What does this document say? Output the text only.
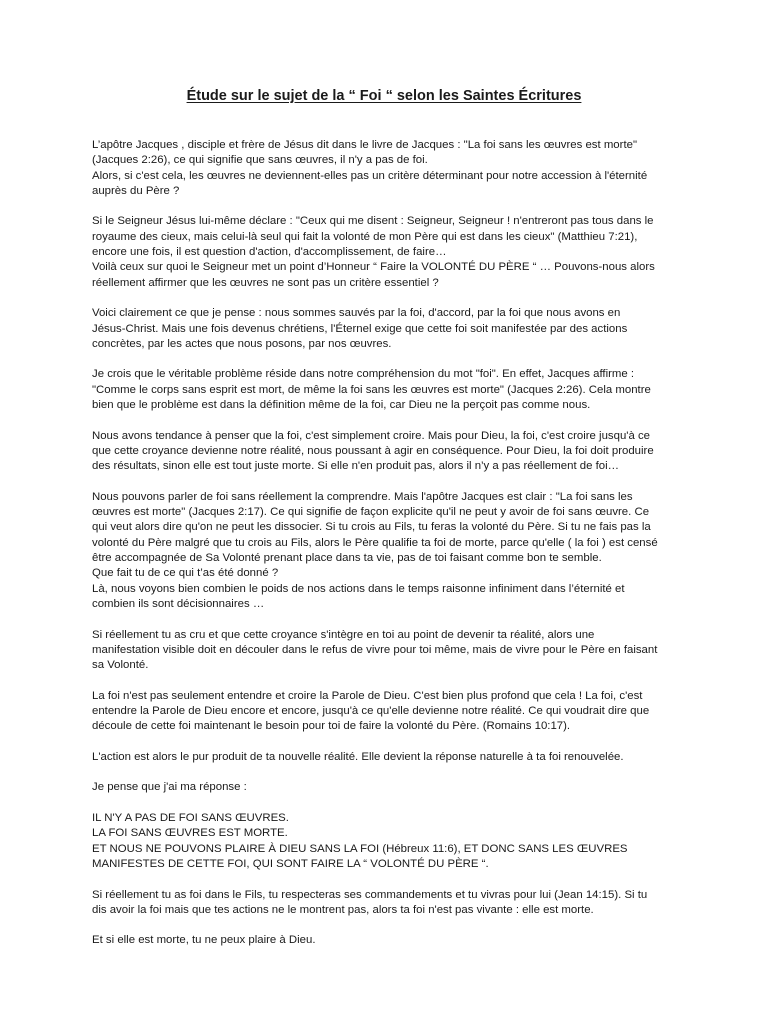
Étude sur le sujet de la “ Foi “ selon les Saintes Écritures

L’apôtre Jacques , disciple et frère de Jésus dit dans le livre de Jacques : "La foi sans les œuvres est morte"
(Jacques 2:26), ce qui signifie que sans œuvres, il n'y a pas de foi.
Alors, si c'est cela, les œuvres ne deviennent-elles pas un critère déterminant pour notre accession à l'éternité
auprès du Père ?

Si le Seigneur Jésus lui-même déclare : "Ceux qui me disent : Seigneur, Seigneur ! n'entreront pas tous dans le
royaume des cieux, mais celui-là seul qui fait la volonté de mon Père qui est dans les cieux" (Matthieu 7:21),
encore une fois, il est question d'action, d'accomplissement, de faire…
Voilà ceux sur quoi le Seigneur met un point d’Honneur “ Faire la VOLONTÉ DU PÈRE “ … Pouvons-nous alors
réellement affirmer que les œuvres ne sont pas un critère essentiel ?

Voici clairement ce que je pense : nous sommes sauvés par la foi, d'accord, par la foi que nous avons en
Jésus-Christ. Mais une fois devenus chrétiens, l'Éternel exige que cette foi soit manifestée par des actions
concrètes, par les actes que nous posons, par nos œuvres.

Je crois que le véritable problème réside dans notre compréhension du mot "foi". En effet, Jacques affirme :
"Comme le corps sans esprit est mort, de même la foi sans les œuvres est morte" (Jacques 2:26). Cela montre
bien que le problème est dans la définition même de la foi, car Dieu ne la perçoit pas comme nous.

Nous avons tendance à penser que la foi, c'est simplement croire. Mais pour Dieu, la foi, c'est croire jusqu'à ce
que cette croyance devienne notre réalité, nous poussant à agir en conséquence. Pour Dieu, la foi doit produire
des résultats, sinon elle est tout juste morte. Si elle n'en produit pas, alors il n’y a pas réellement de foi…

Nous pouvons parler de foi sans réellement la comprendre. Mais l'apôtre Jacques est clair : "La foi sans les
œuvres est morte" (Jacques 2:17). Ce qui signifie de façon explicite qu'il ne peut y avoir de foi sans œuvre. Ce
qui veut alors dire qu'on ne peut les dissocier. Si tu crois au Fils, tu feras la volonté du Père. Si tu ne fais pas la
volonté du Père malgré que tu crois au Fils, alors le Père qualifie ta foi de morte, parce qu'elle ( la foi ) est censé
être accompagnée de Sa Volonté prenant place dans ta vie, pas de toi faisant comme bon te semble.
Que fait tu de ce qui t’as été donné ?
Là, nous voyons bien combien le poids de nos actions dans le temps raisonne infiniment dans l’éternité et
combien ils sont décisionnaires …

Si réellement tu as cru et que cette croyance s'intègre en toi au point de devenir ta réalité, alors une
manifestation visible doit en découler dans le refus de vivre pour toi même, mais de vivre pour le Père en faisant
sa Volonté.

La foi n'est pas seulement entendre et croire la Parole de Dieu. C'est bien plus profond que cela ! La foi, c'est
entendre la Parole de Dieu encore et encore, jusqu'à ce qu'elle devienne notre réalité. Ce qui voudrait dire que
découle de cette foi maintenant le besoin pour toi de faire la volonté du Père. (Romains 10:17).

L'action est alors le pur produit de ta nouvelle réalité. Elle devient la réponse naturelle à ta foi renouvelée.

Je pense que j'ai ma réponse :

IL N'Y A PAS DE FOI SANS ŒUVRES.
LA FOI SANS ŒUVRES EST MORTE.
ET NOUS NE POUVONS PLAIRE À DIEU SANS LA FOI (Hébreux 11:6), ET DONC SANS LES ŒUVRES
MANIFESTES DE CETTE FOI, QUI SONT FAIRE LA “ VOLONTÉ DU PÈRE “.

Si réellement tu as foi dans le Fils, tu respecteras ses commandements et tu vivras pour lui (Jean 14:15). Si tu
dis avoir la foi mais que tes actions ne le montrent pas, alors ta foi n'est pas vivante : elle est morte.

Et si elle est morte, tu ne peux plaire à Dieu.
